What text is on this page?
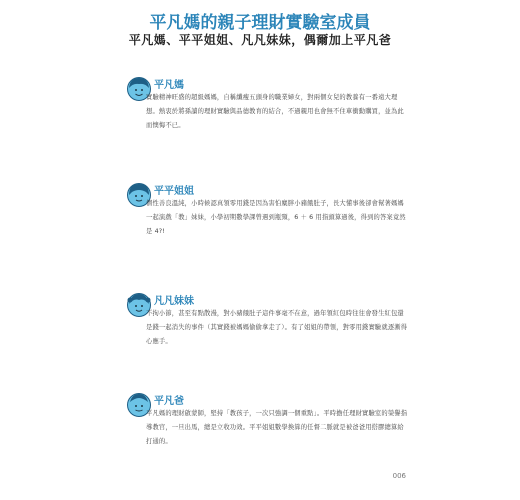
平凡媽的親子理財實驗室成員
平凡媽、平平姐姐、凡凡妹妹，偶爾加上平凡爸
平凡媽
實驗精神旺盛的超級媽媽，自稱纖瘦五頭身的職業婦女，對兩個女兒的教養有一番遠大理想。熱衷於將孫讀的理財實驗與品德教育的結合，不過親用也會無不住車衝動購買，並為此而懊悔不已。
平平姐姐
個性善良溫純，小時候認真領零用錢是因為害怕麋胖小豬餓肚子，長大懂事後卻會幫著媽媽一起演戲「教」妹妹，小學初期數學課曾遇到瓶頸，6 ＋ 6 用指頭算過後，得到的答案竟然是 4?!
凡凡妹妹
不拘小節，甚至有點散漫，對小豬餓肚子這件事毫不在意，過年領紅包時往往會發生紅包還是錢一起消失的事件（其實錢被媽媽偷偷拿走了）。有了姐姐的帶領，對零用錢實驗就逐漸得心應手。
平凡爸
平凡媽的理財啟蒙師，堅持「教孩子，一次只強調一個重點」。平時擔任理財實驗室的榮譽指導教官，一旦出馬，總是立收功效。平平姐姐數學換算的任督二脈就是被爸爸用搭膠總算給打通的。
006
